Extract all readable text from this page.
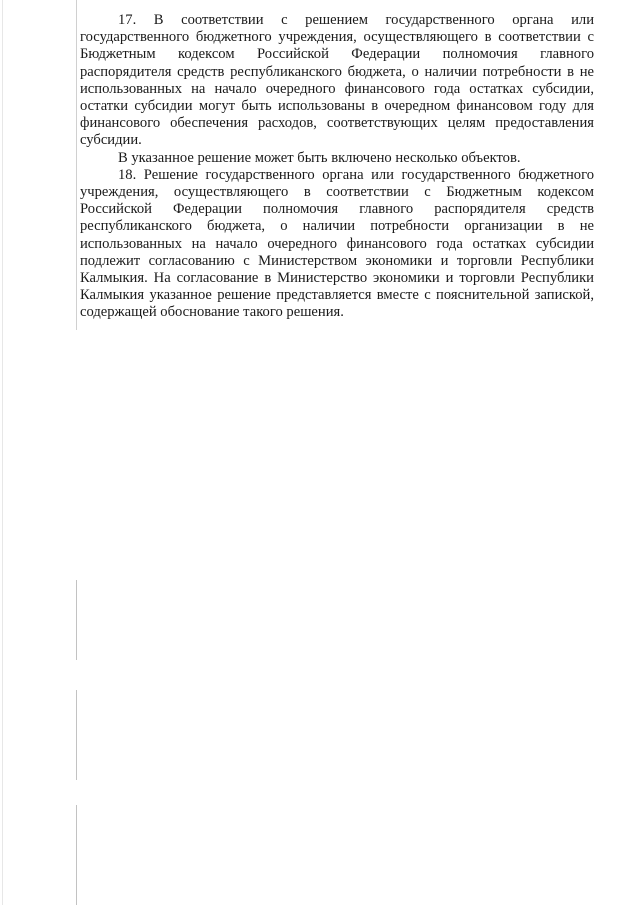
17. В соответствии с решением государственного органа или государственного бюджетного учреждения, осуществляющего в соответствии с Бюджетным кодексом Российской Федерации полномочия главного распорядителя средств республиканского бюджета, о наличии потребности в не использованных на начало очередного финансового года остатках субсидии, остатки субсидии могут быть использованы в очередном финансовом году для финансового обеспечения расходов, соответствующих целям предоставления субсидии.

В указанное решение может быть включено несколько объектов.

18. Решение государственного органа или государственного бюджетного учреждения, осуществляющего в соответствии с Бюджетным кодексом Российской Федерации полномочия главного распорядителя средств республиканского бюджета, о наличии потребности организации в не использованных на начало очередного финансового года остатках субсидии подлежит согласованию с Министерством экономики и торговли Республики Калмыкия. На согласование в Министерство экономики и торговли Республики Калмыкия указанное решение представляется вместе с пояснительной запиской, содержащей обоснование такого решения.
